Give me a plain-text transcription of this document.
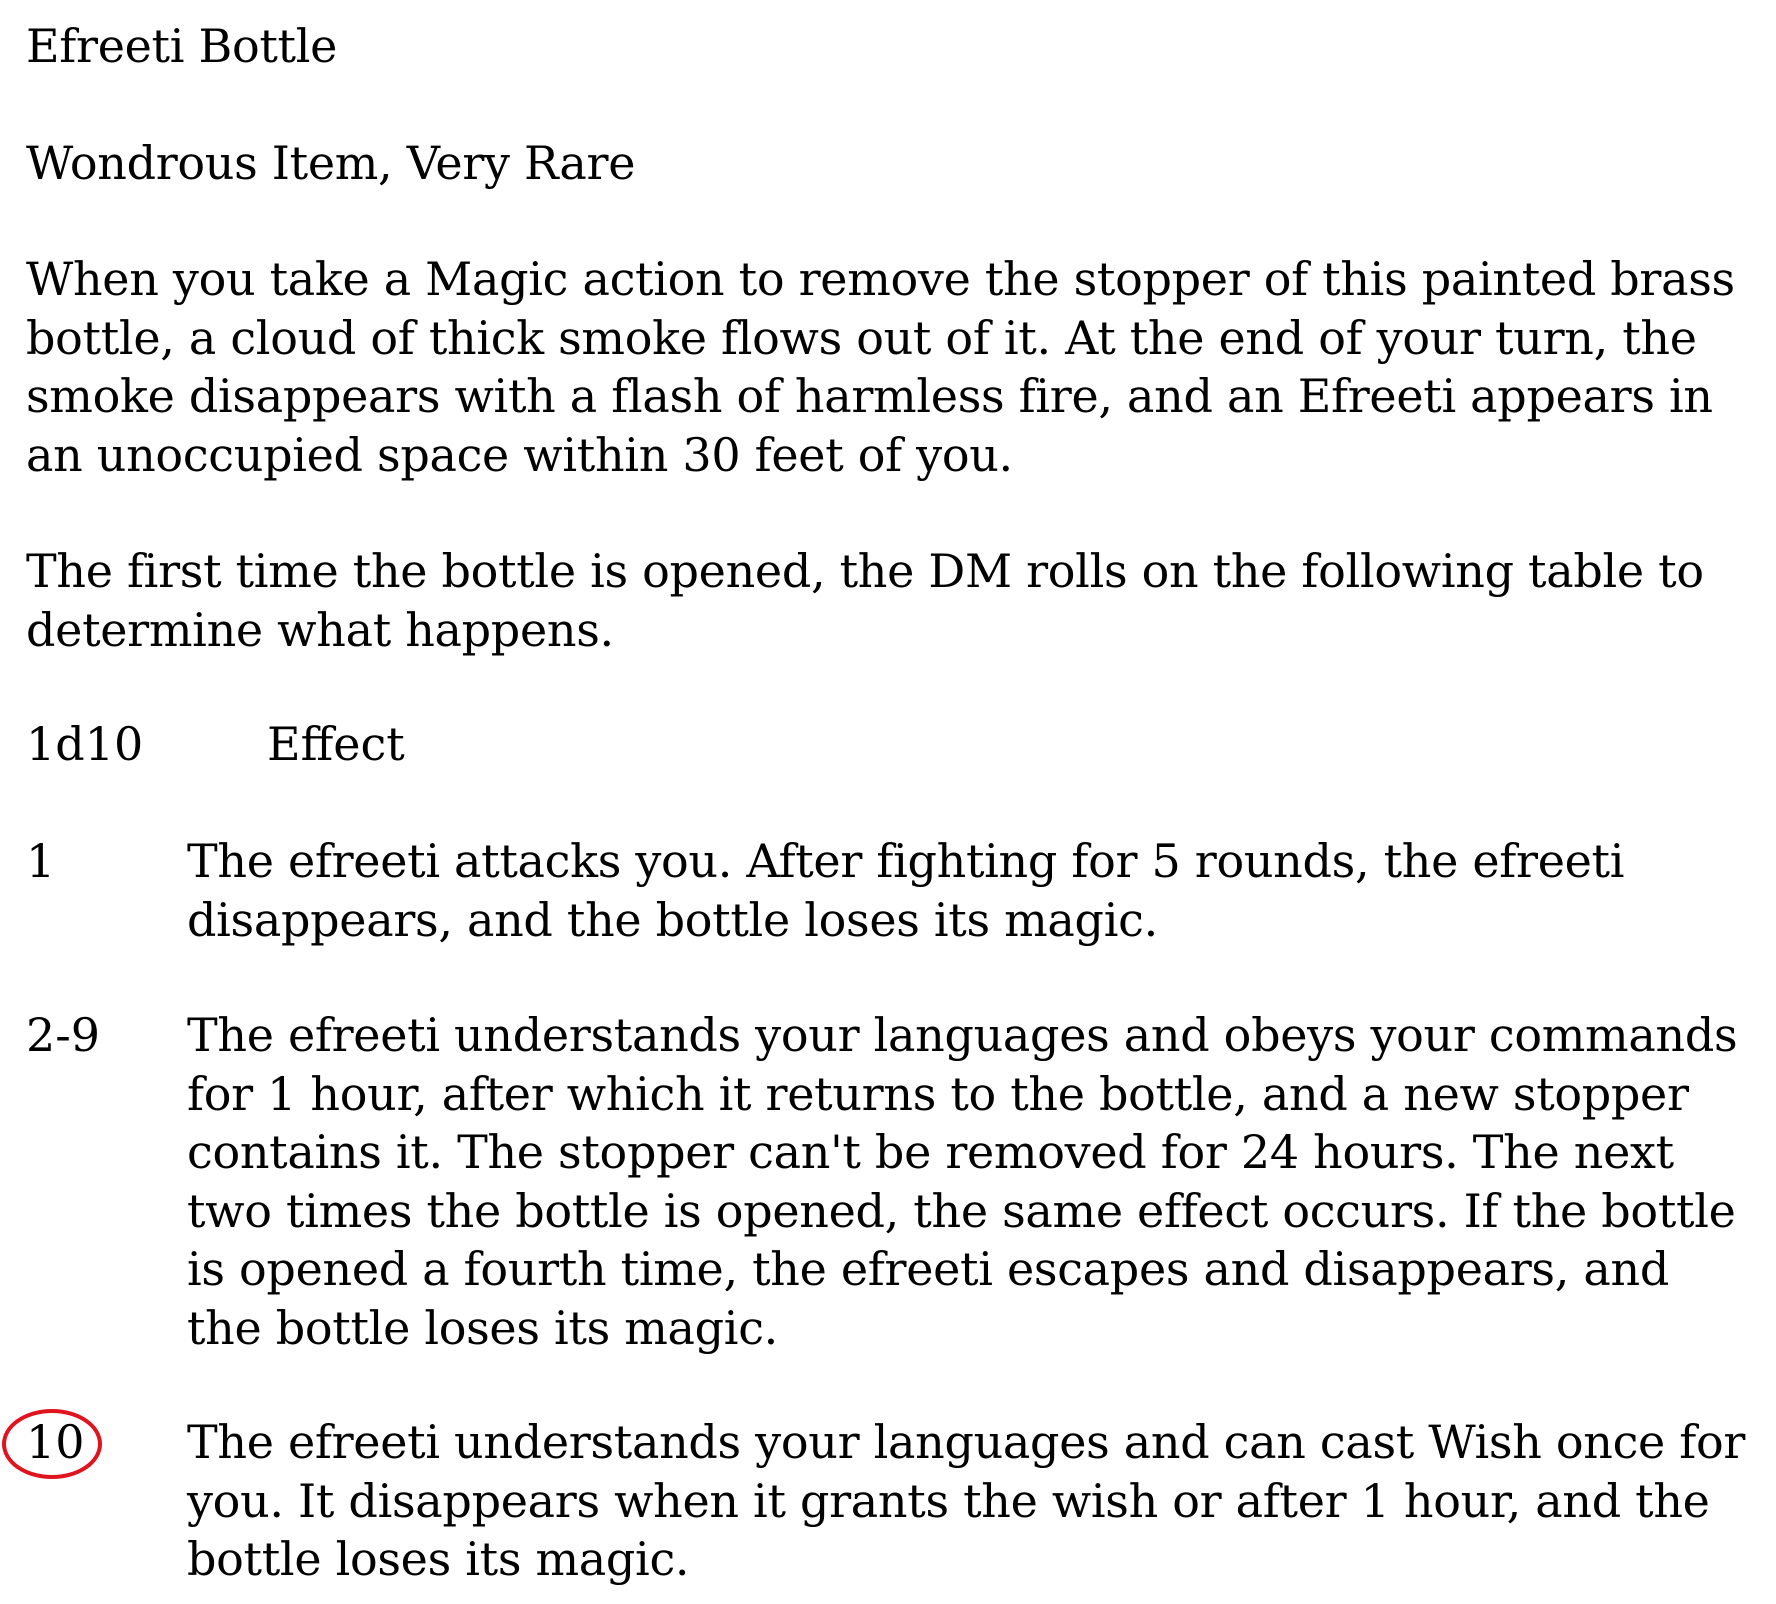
Efreeti Bottle
Wondrous Item, Very Rare
When you take a Magic action to remove the stopper of this painted brass bottle, a cloud of thick smoke flows out of it. At the end of your turn, the smoke disappears with a flash of harmless fire, and an Efreeti appears in an unoccupied space within 30 feet of you.
The first time the bottle is opened, the DM rolls on the following table to determine what happens.
1d10	Effect
1	The efreeti attacks you. After fighting for 5 rounds, the efreeti disappears, and the bottle loses its magic.
2-9 The efreeti understands your languages and obeys your commands for 1 hour, after which it returns to the bottle, and a new stopper contains it. The stopper can't be removed for 24 hours. The next two times the bottle is opened, the same effect occurs. If the bottle is opened a fourth time, the efreeti escapes and disappears, and the bottle loses its magic.
10 The efreeti understands your languages and can cast Wish once for you. It disappears when it grants the wish or after 1 hour, and the bottle loses its magic.
